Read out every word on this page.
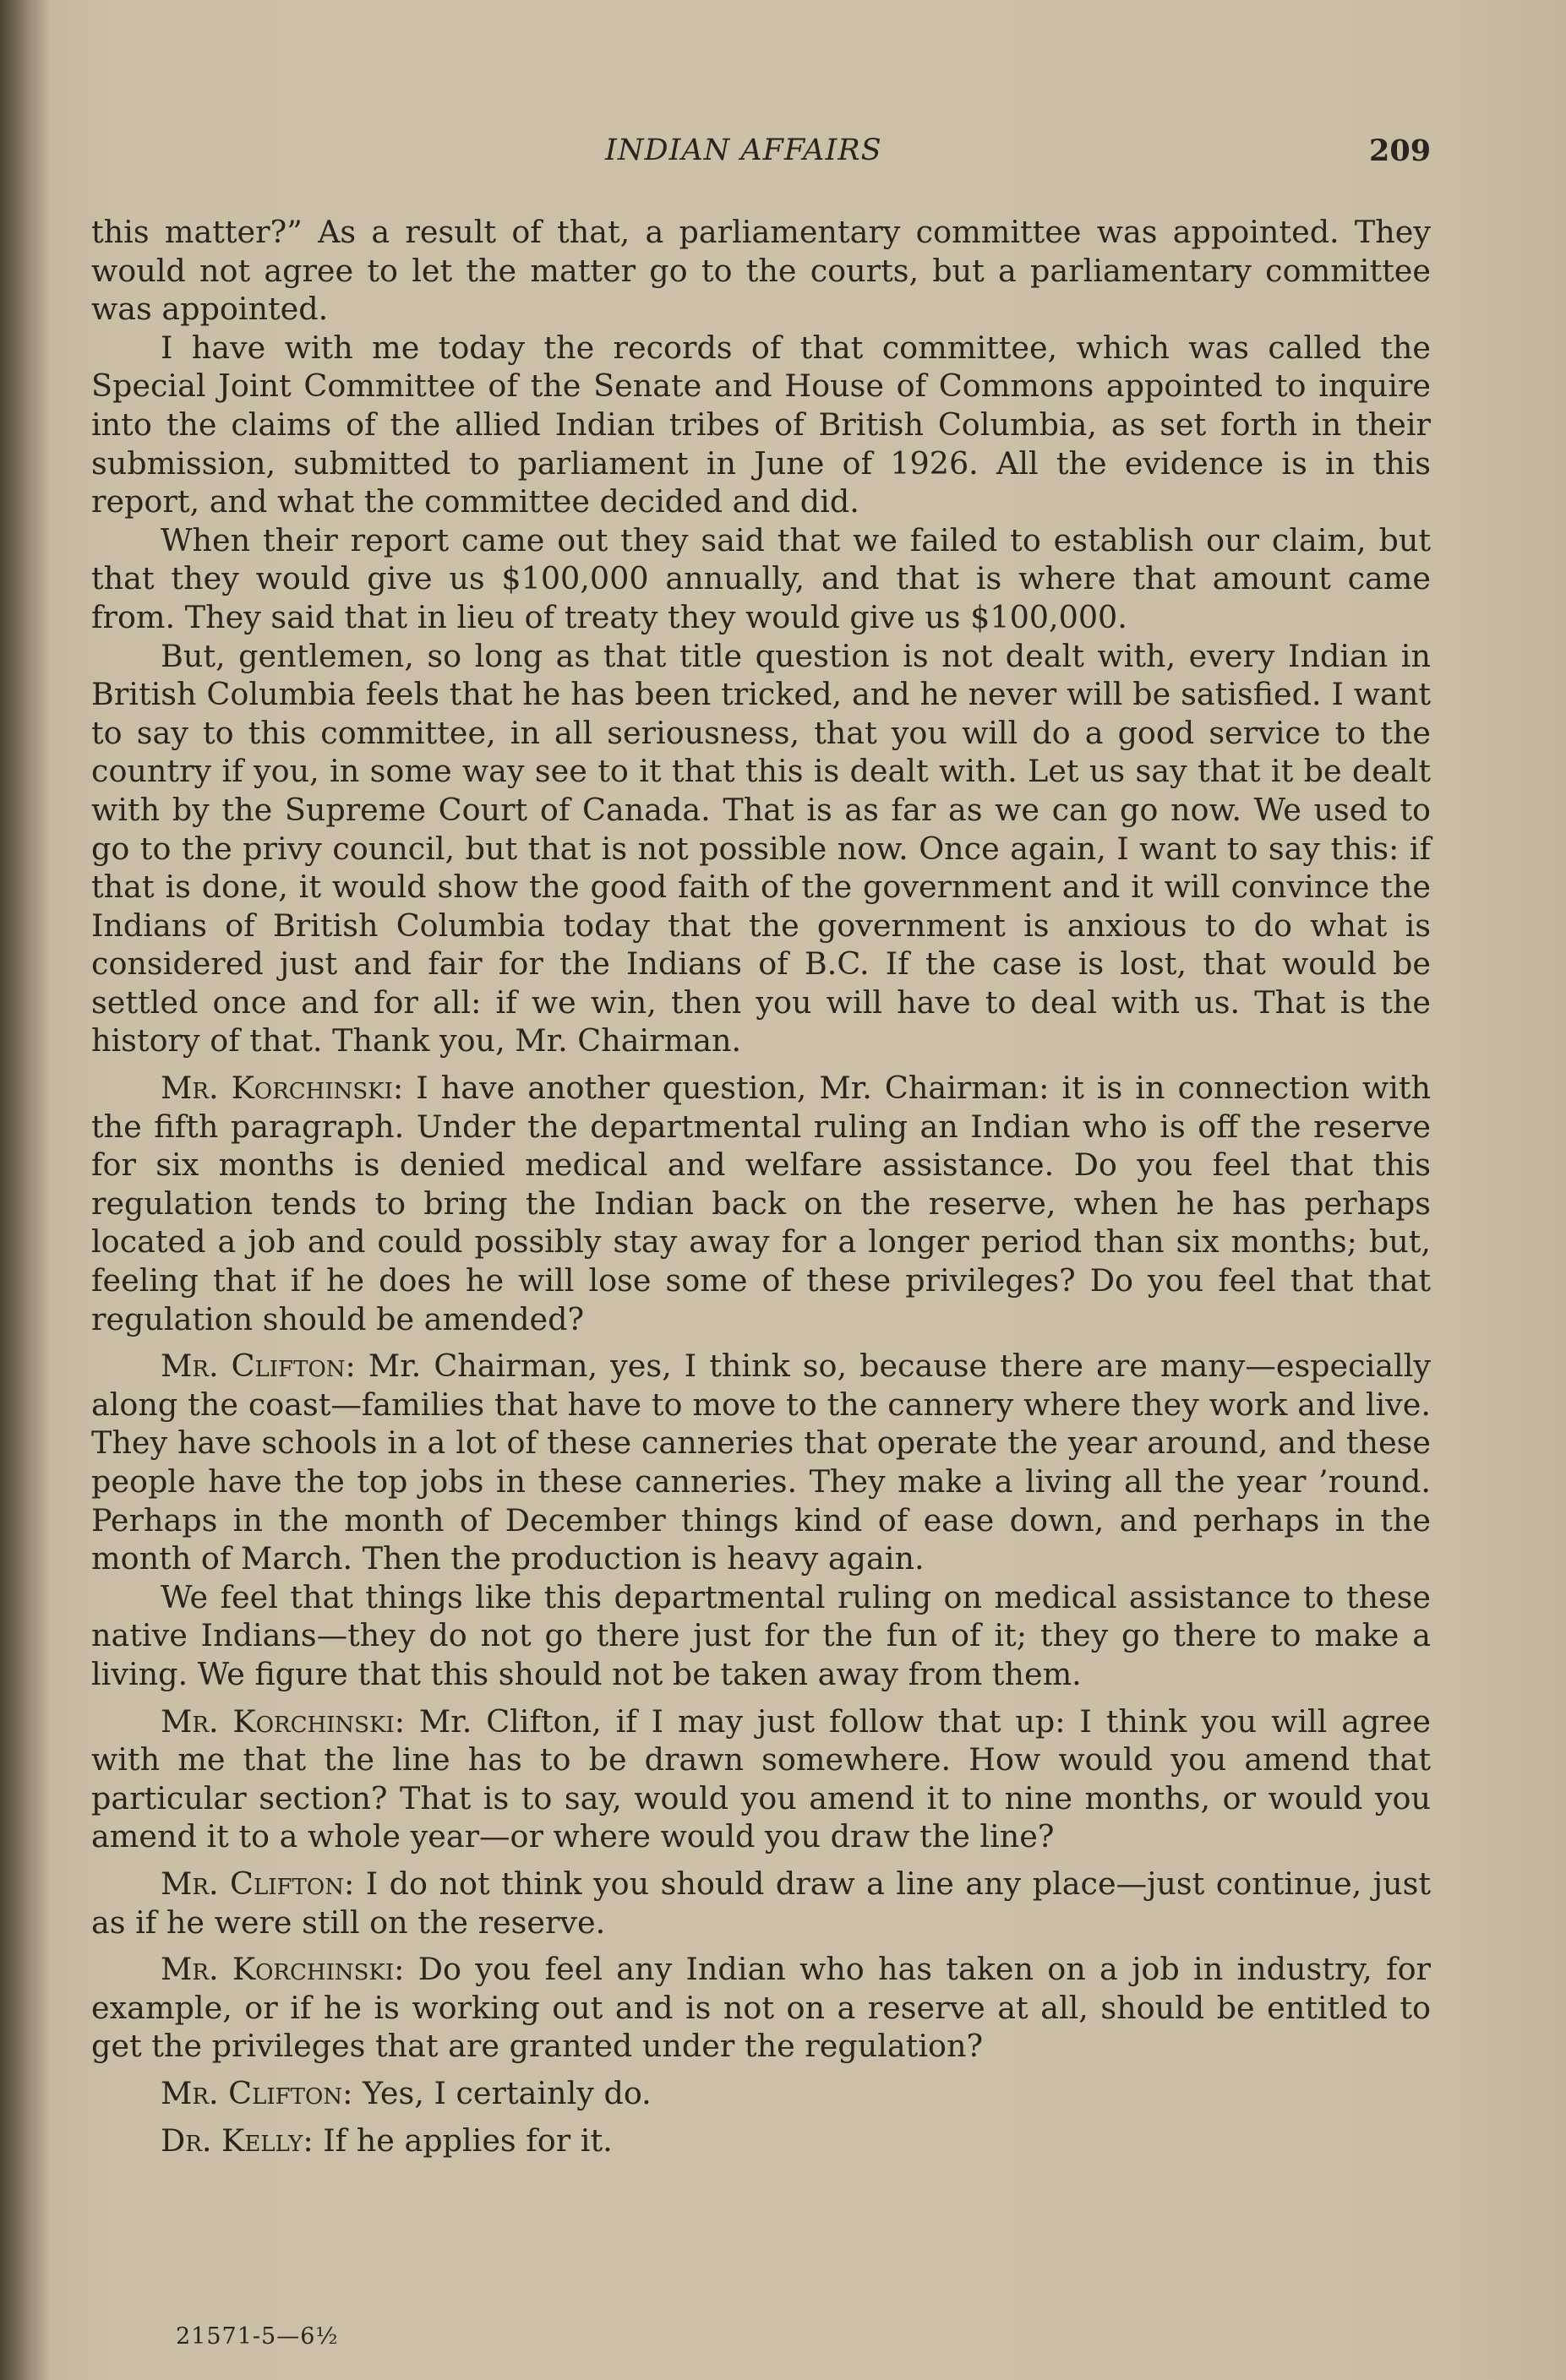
INDIAN AFFAIRS	209

this matter?” As a result of that, a parliamentary committee was appointed. They would not agree to let the matter go to the courts, but a parliamentary committee was appointed.

I have with me today the records of that committee, which was called the Special Joint Committee of the Senate and House of Commons appointed to inquire into the claims of the allied Indian tribes of British Columbia, as set forth in their submission, submitted to parliament in June of 1926. All the evidence is in this report, and what the committee decided and did.

When their report came out they said that we failed to establish our claim, but that they would give us $100,000 annually, and that is where that amount came from. They said that in lieu of treaty they would give us $100,000.

But, gentlemen, so long as that title question is not dealt with, every Indian in British Columbia feels that he has been tricked, and he never will be satisfied. I want to say to this committee, in all seriousness, that you will do a good service to the country if you, in some way see to it that this is dealt with. Let us say that it be dealt with by the Supreme Court of Canada. That is as far as we can go now. We used to go to the privy council, but that is not possible now. Once again, I want to say this: if that is done, it would show the good faith of the government and it will convince the Indians of British Columbia today that the government is anxious to do what is considered just and fair for the Indians of B.C. If the case is lost, that would be settled once and for all: if we win, then you will have to deal with us. That is the history of that. Thank you, Mr. Chairman.

Mr. Korchinski: I have another question, Mr. Chairman: it is in connection with the fifth paragraph. Under the departmental ruling an Indian who is off the reserve for six months is denied medical and welfare assistance. Do you feel that this regulation tends to bring the Indian back on the reserve, when he has perhaps located a job and could possibly stay away for a longer period than six months; but, feeling that if he does he will lose some of these privileges? Do you feel that that regulation should be amended?

Mr. Clifton: Mr. Chairman, yes, I think so, because there are many—especially along the coast—families that have to move to the cannery where they work and live. They have schools in a lot of these canneries that operate the year around, and these people have the top jobs in these canneries. They make a living all the year ’round. Perhaps in the month of December things kind of ease down, and perhaps in the month of March. Then the production is heavy again.

We feel that things like this departmental ruling on medical assistance to these native Indians—they do not go there just for the fun of it; they go there to make a living. We figure that this should not be taken away from them.

Mr. Korchinski: Mr. Clifton, if I may just follow that up: I think you will agree with me that the line has to be drawn somewhere. How would you amend that particular section? That is to say, would you amend it to nine months, or would you amend it to a whole year—or where would you draw the line?

Mr. Clifton: I do not think you should draw a line any place—just continue, just as if he were still on the reserve.

Mr. Korchinski: Do you feel any Indian who has taken on a job in industry, for example, or if he is working out and is not on a reserve at all, should be entitled to get the privileges that are granted under the regulation?

Mr. Clifton: Yes, I certainly do.

Dr. Kelly: If he applies for it.

21571-5—6½
